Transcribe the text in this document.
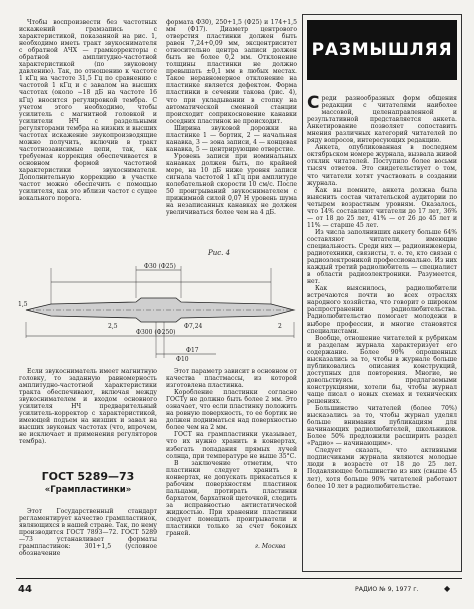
РАЗМЫШЛЯЯ

Чтобы воспроизвести без частотных искажений грамзапись с характеристикой, показанной на рис. 1, необходимо иметь тракт звукоснимателя с обратной АЧХ — грамкорректоры с обратной амплитудно-частотной характеристикой (по звуковому давлению). Так, по отношению к частоте 1 кГц на частоте 31,5 Гц по сравнению с частотой 1 кГц и с завалом на высших частотах (около −18 дБ на частоте 16 кГц) вносится регулировкой тембра. С учетом этого необходимо, чтобы усилитель с магнитной головкой и усилители НЧ с раздельными регуляторами тембра на низких и высших частотах искажение звукопроизводящие можно получить, включив в тракт частотнозависимые цепи, так, как требуемая коррекция обеспечивается в основном формой частотной характеристики звукоснимателя. Дополнительную коррекцию в участке частот можно обеспечить с помощью усилителя, как это вблизи частот с сущее вокального порога.

формата Ф30), 250+1,5 (Ф25) и 174+1,5 мм (Ф17). Диаметр центрового отверстия пластинки должен быть равен 7,24+0,09 мм, эксцентриситет относительно центра записи должен быть не более 0,2 мм. Отклонение толщины пластинки не должно превышать ±0,1 мм в любых местах. Такое неравномерное отклонение на пластинке является дефектом. Форма пластинки в сечении такова (рис. 4), что при укладывании в стопку на автоматической сменной станции происходит соприкосновение канавки соседних пластинок не происходит.

Ширина звуковой дорожки на пластинке 1 — бортик, 2 — начальная канавка, 3 — зона записи, 4 — концевая канавка, 5 — центрирующие отверстие.

Уровень записи при номинальных канавках должен быть, по крайней мере, на 10 дБ ниже уровня записи сигнала частотой 1 кГц при амплитуде колебательной скорости 10 см/с. После 50 проигрываний звукоснимателем с прижимной силой 0,07 Н уровень шума на незаписанных канавках не должен увеличиваться более чем на 4 дБ.

Рис. 4
Ф30 (Ф25)
Ф300 (Ф250)
Ф17
Ф7,24
Ф10
2,5
1,5
2

Если звукосниматель имеет магнитную головку, то заданную равномерность амплитудно-частотной характеристики тракта обеспечивают, включая между звукоснимателем и входом основного усилителя НЧ предварительный усилитель-корректор с характеристикой, имеющей подъем на низших и завал на высших звуковых частотах (что, впрочем, не исключает и применения регуляторов тембра).

ГОСТ 5289—73
«Грампластинки»

Этот Государственный стандарт регламентирует качество грампластинок, являющихся в нашей стране. Так, по нему производится ГОСТ 7893—72. ГОСТ 5289—73 устанавливает форматы грампластинок: 301+1,5 (условное обозначение

Этот параметр зависит в основном от качества пластмассы, из которой изготовлена пластинка.

Коробление пластинки согласно ГОСТу не должно быть более 2 мм. Это означает, что если пластинку положить на ровную поверхность, то ее бортик не должен подниматься над поверхностью более чем на 2 мм.

ГОСТ на грампластинки указывает, что их нужно хранить в конвертах, избегать попадания прямых лучей солнца, при температуре не выше 35°С.

В заключение отметим, что пластинки следует хранить в конвертах, не допускать прикасаться к рабочим поверхностям пластинок пальцами, протирать пластинки бархатом, бархатной щеточкой, следить за исправностью антистатической жидкостью. При хранении пластинки следует помещать проигрыватели и пластинки только за счет боковых граней.

г. Москва

Среди разнообразных форм общения редакции с читателями наиболее массовой, целенаправленной и результативной представляется анкета. Анкетирование позволяет сопоставить мнения различных категорий читателей по ряду вопросов, интересующих редакцию.

Анкета, опубликованная в последнем октябрьском номере журнала, вызвала живой отклик читателей. Поступило более восьми тысяч ответов. Это свидетельствует о том, что читатели хотят участвовать в создании журнала.

Как вы помните, анкета должна была выяснить состав читательской аудитории по четырем возрастным уровням. Оказалось, что 14% составляют читатели до 17 лет, 36% — от 18 до 25 лет, 41% — от 26 до 45 лет и 11% — старше 45 лет.

Из числа заполнивших анкету больше 64% составляют читатели, имеющие специальность. Среди них — радиоинженеры, радиотехники, связисты, т. е. те, кто связан с радиоэлектроникой профессионально. Из них каждый третий радиолюбитель — специалист в области радиоэлектроники. Разумеется, нет.

Как выяснилось, радиолюбители встречаются почти во всех отраслях народного хозяйства, что говорит о широком распространении радиолюбительства. Радиолюбительство помогает молодежи в выборе профессии, и многие становятся специалистами.

Вообще, отношение читателей к рубрикам и разделам журнала характеризует его содержание. Более 90% опрошенных высказались за то, чтобы в журнале больше публиковались описания конструкций, доступных для повторения. Многие, не довольствуясь предлагаемыми конструкциями, хотели бы, чтобы журнал чаще писал о новых схемах и технических решениях.

Большинство читателей (более 70%) высказались за то, чтобы журнал уделял больше внимания публикациям для начинающих радиолюбителей, школьников. Более 50% предложили расширить раздел «Радио» — начинающим».

Следует сказать, что активными подписчиками журнала являются молодые люди в возрасте от 18 до 25 лет. Подавляющее большинство из них (свыше 45 лет), хотя больше 90% читателей работают более 10 лет в радиолюбительстве.

44	РАДИО № 9, 1977 г.	◆
